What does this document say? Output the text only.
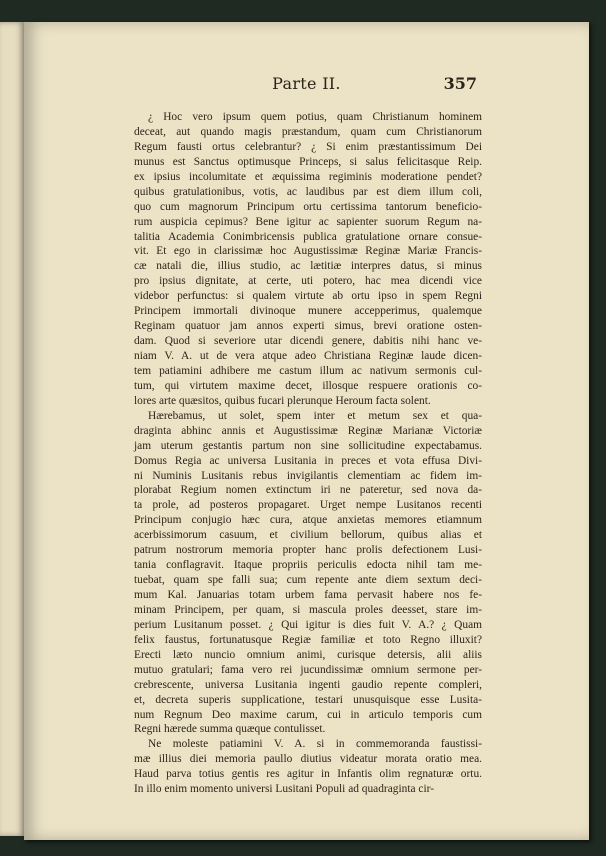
Parte II.	357
¿ Hoc vero ipsum quem potius, quam Christianum hominem
deceat, aut quando magis præstandum, quam cum Christianorum
Regum fausti ortus celebrantur? ¿ Si enim præstantissimum Dei
munus est Sanctus optimusque Princeps, si salus felicitasque Reip.
ex ipsius incolumitate et æquissima regiminis moderatione pendet?
quibus gratulationibus, votis, ac laudibus par est diem illum coli,
quo cum magnorum Principum ortu certissima tantorum beneficio-
rum auspicia cepimus? Bene igitur ac sapienter suorum Regum na-
talitia Academia Conimbricensis publica gratulatione ornare consue-
vit. Et ego in clarissimæ hoc Augustissimæ Reginæ Mariæ Francis-
cæ natali die, illius studio, ac lætitiæ interpres datus, si minus
pro ipsius dignitate, at certe, uti potero, hac mea dicendi vice
videbor perfunctus: si qualem virtute ab ortu ipso in spem Regni
Principem immortali divinoque munere accepperimus, qualemque
Reginam quatuor jam annos experti simus, brevi oratione osten-
dam. Quod si severiore utar dicendi genere, dabitis nihi hanc ve-
niam V. A. ut de vera atque adeo Christiana Reginæ laude dicen-
tem patiamini adhibere me castum illum ac nativum sermonis cul-
tum, qui virtutem maxime decet, illosque respuere orationis co-
lores arte quæsitos, quibus fucari plerunque Heroum facta solent.
Hærebamus, ut solet, spem inter et metum sex et qua-
draginta abhinc annis et Augustissimæ Reginæ Marianæ Victoriæ
jam uterum gestantis partum non sine sollicitudine expectabamus.
Domus Regia ac universa Lusitania in preces et vota effusa Divi-
ni Numinis Lusitanis rebus invigilantis clementiam ac fidem im-
plorabat Regium nomen extinctum iri ne pateretur, sed nova da-
ta prole, ad posteros propagaret. Urget nempe Lusitanos recenti
Principum conjugio hæc cura, atque anxietas memores etiamnum
acerbissimorum casuum, et civilium bellorum, quibus alias et
patrum nostrorum memoria propter hanc prolis defectionem Lusi-
tania conflagravit. Itaque propriis periculis edocta nihil tam me-
tuebat, quam spe falli sua; cum repente ante diem sextum deci-
mum Kal. Januarias totam urbem fama pervasit habere nos fe-
minam Principem, per quam, si mascula proles deesset, stare im-
perium Lusitanum posset. ¿ Qui igitur is dies fuit V. A.? ¿ Quam
felix faustus, fortunatusque Regiæ familiæ et toto Regno illuxit?
Erecti læto nuncio omnium animi, curisque detersis, alii aliis
mutuo gratulari; fama vero rei jucundissimæ omnium sermone per-
crebrescente, universa Lusitania ingenti gaudio repente compleri,
et, decreta superis supplicatione, testari unusquisque esse Lusita-
num Regnum Deo maxime carum, cui in articulo temporis cum
Regni hærede summa quæque contulisset.
Ne moleste patiamini V. A. si in commemoranda faustissi-
mæ illius diei memoria paullo diutius videatur morata oratio mea.
Haud parva totius gentis res agitur in Infantis olim regnaturæ ortu.
In illo enim momento universi Lusitani Populi ad quadraginta cir-
